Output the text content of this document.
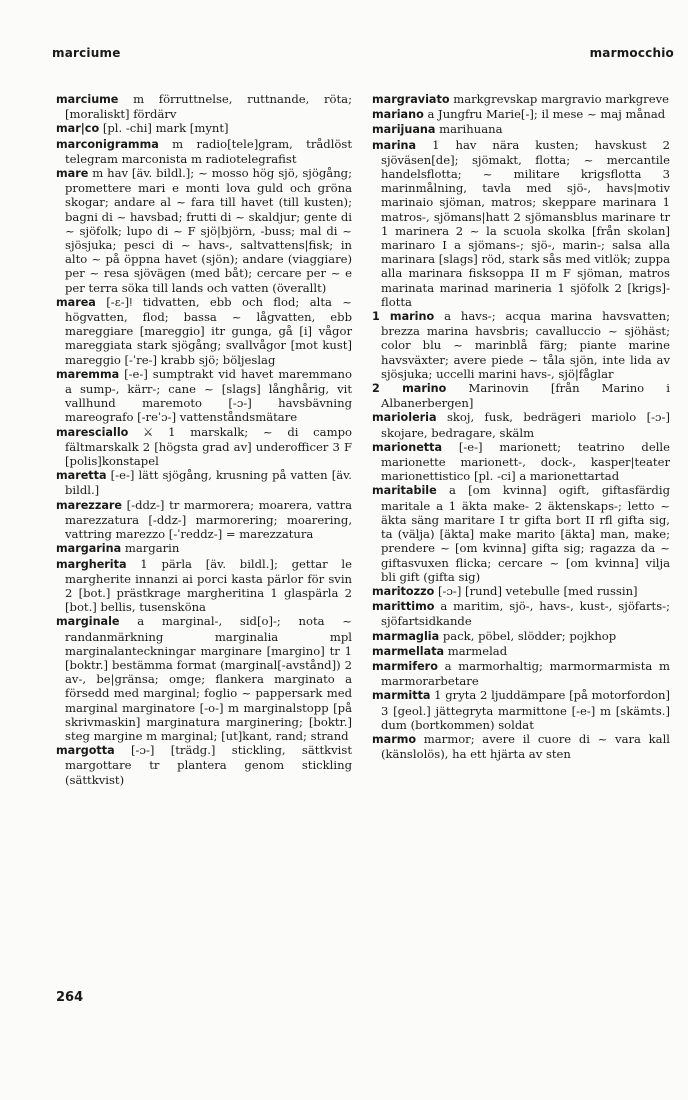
marciume	marmocchio

marciume m förruttnelse, ruttnande, röta; [moraliskt] fördärv

mar|co [pl. -chi] mark [mynt]

marconigramma m radio[tele]gram, trådlöst telegram marconista m radiotelegrafist

mare m hav [äv. bildl.]; ~ mosso hög sjö, sjögång; promettere mari e monti lova guld och gröna skogar; andare al ~ fara till havet (till kusten); bagni di ~ havsbad; frutti di ~ skaldjur; gente di ~ sjöfolk; lupo di ~ F sjö|björn, -buss; mal di ~ sjösjuka; pesci di ~ havs-, saltvattens|fisk; in alto ~ på öppna havet (sjön); andare (viaggiare) per ~ resa sjövägen (med båt); cercare per ~ e per terra söka till lands och vatten (överallt)

marea [-ɛ-]ǃ tidvatten, ebb och flod; alta ~ högvatten, flod; bassa ~ lågvatten, ebb mareggiare [mareggio] itr gunga, gå [i] vågor mareggiata stark sjögång; svallvågor [mot kust] mareggio [-ˈre-] krabb sjö; böljeslag

maremma [-e-] sumptrakt vid havet maremmano a sump-, kärr-; cane ~ [slags] långhårig, vit vallhund maremoto [-ɔ-] havsbävning mareografo [-reˈɔ-] vattenståndsmätare

maresciallo ⚔ 1 marskalk; ~ di campo fältmarskalk 2 [högsta grad av] underofficer 3 F [polis]konstapel

maretta [-e-] lätt sjögång, krusning på vatten [äv. bildl.]

marezzare [-ddz-] tr marmorera; moarera, vattra marezzatura [-ddz-] marmorering; moarering, vattring marezzo [-ˈreddz-] = marezzatura

margarina margarin

margherita 1 pärla [äv. bildl.]; gettar le margherite innanzi ai porci kasta pärlor för svin 2 [bot.] prästkrage margheritina 1 glaspärla 2 [bot.] bellis, tusensköna

marginale a marginal-, sid[o]-; nota ~ randanmärkning marginalia mpl marginalanteckningar marginare [margino] tr 1 [boktr.] bestämma format (marginal[-avstånd]) 2 av-, be|gränsa; omge; flankera marginato a försedd med marginal; foglio ~ pappersark med marginal marginatore [-o-] m marginalstopp [på skrivmaskin] marginatura marginering; [boktr.] steg margine m marginal; [ut]kant, rand; strand

margotta [-ɔ-] [trädg.] stickling, sättkvist margottare tr plantera genom stickling (sättkvist)

margraviato markgrevskap margravio markgreve

mariano a Jungfru Marie[-]; il mese ~ maj månad

marijuana marihuana

marina 1 hav nära kusten; havskust 2 sjöväsen[de]; sjömakt, flotta; ~ mercantile handelsflotta; ~ militare krigsflotta 3 marinmålning, tavla med sjö-, havs|motiv marinaio sjöman, matros; skeppare marinara 1 matros-, sjömans|hatt 2 sjömansblus marinare tr 1 marinera 2 ~ la scuola skolka [från skolan] marinaro I a sjömans-; sjö-, marin-; salsa alla marinara [slags] röd, stark sås med vitlök; zuppa alla marinara fisksoppa II m F sjöman, matros marinata marinad marineria 1 sjöfolk 2 [krigs]-flotta

1 marino a havs-; acqua marina havsvatten; brezza marina havsbris; cavalluccio ~ sjöhäst; color blu ~ marinblå färg; piante marine havsväxter; avere piede ~ tåla sjön, inte lida av sjösjuka; uccelli marini havs-, sjö|fåglar

2 marino Marinovin [från Marino i Albanerbergen]

marioleria skoj, fusk, bedrägeri mariolo [-ɔ-] skojare, bedragare, skälm

marionetta [-e-] marionett; teatrino delle marionette marionett-, dock-, kasper|teater marionettistico [pl. -ci] a marionettartad

maritabile a [om kvinna] ogift, giftasfärdig maritale a 1 äkta make- 2 äktenskaps-; letto ~ äkta säng maritare I tr gifta bort II rfl gifta sig, ta (välja) [äkta] make marito [äkta] man, make; prendere ~ [om kvinna] gifta sig; ragazza da ~ giftasvuxen flicka; cercare ~ [om kvinna] vilja bli gift (gifta sig)

maritozzo [-ɔ-] [rund] vetebulle [med russin]

marittimo a maritim, sjö-, havs-, kust-, sjöfarts-; sjöfartsidkande

marmaglia pack, pöbel, slödder; pojkhop

marmellata marmelad

marmifero a marmorhaltig; marmormarmista m marmorarbetare

marmitta 1 gryta 2 ljuddämpare [på motorfordon] 3 [geol.] jättegryta marmittone [-e-] m [skämts.] dum (bortkommen) soldat

marmo marmor; avere il cuore di ~ vara kall (känslolös), ha ett hjärta av sten

264
